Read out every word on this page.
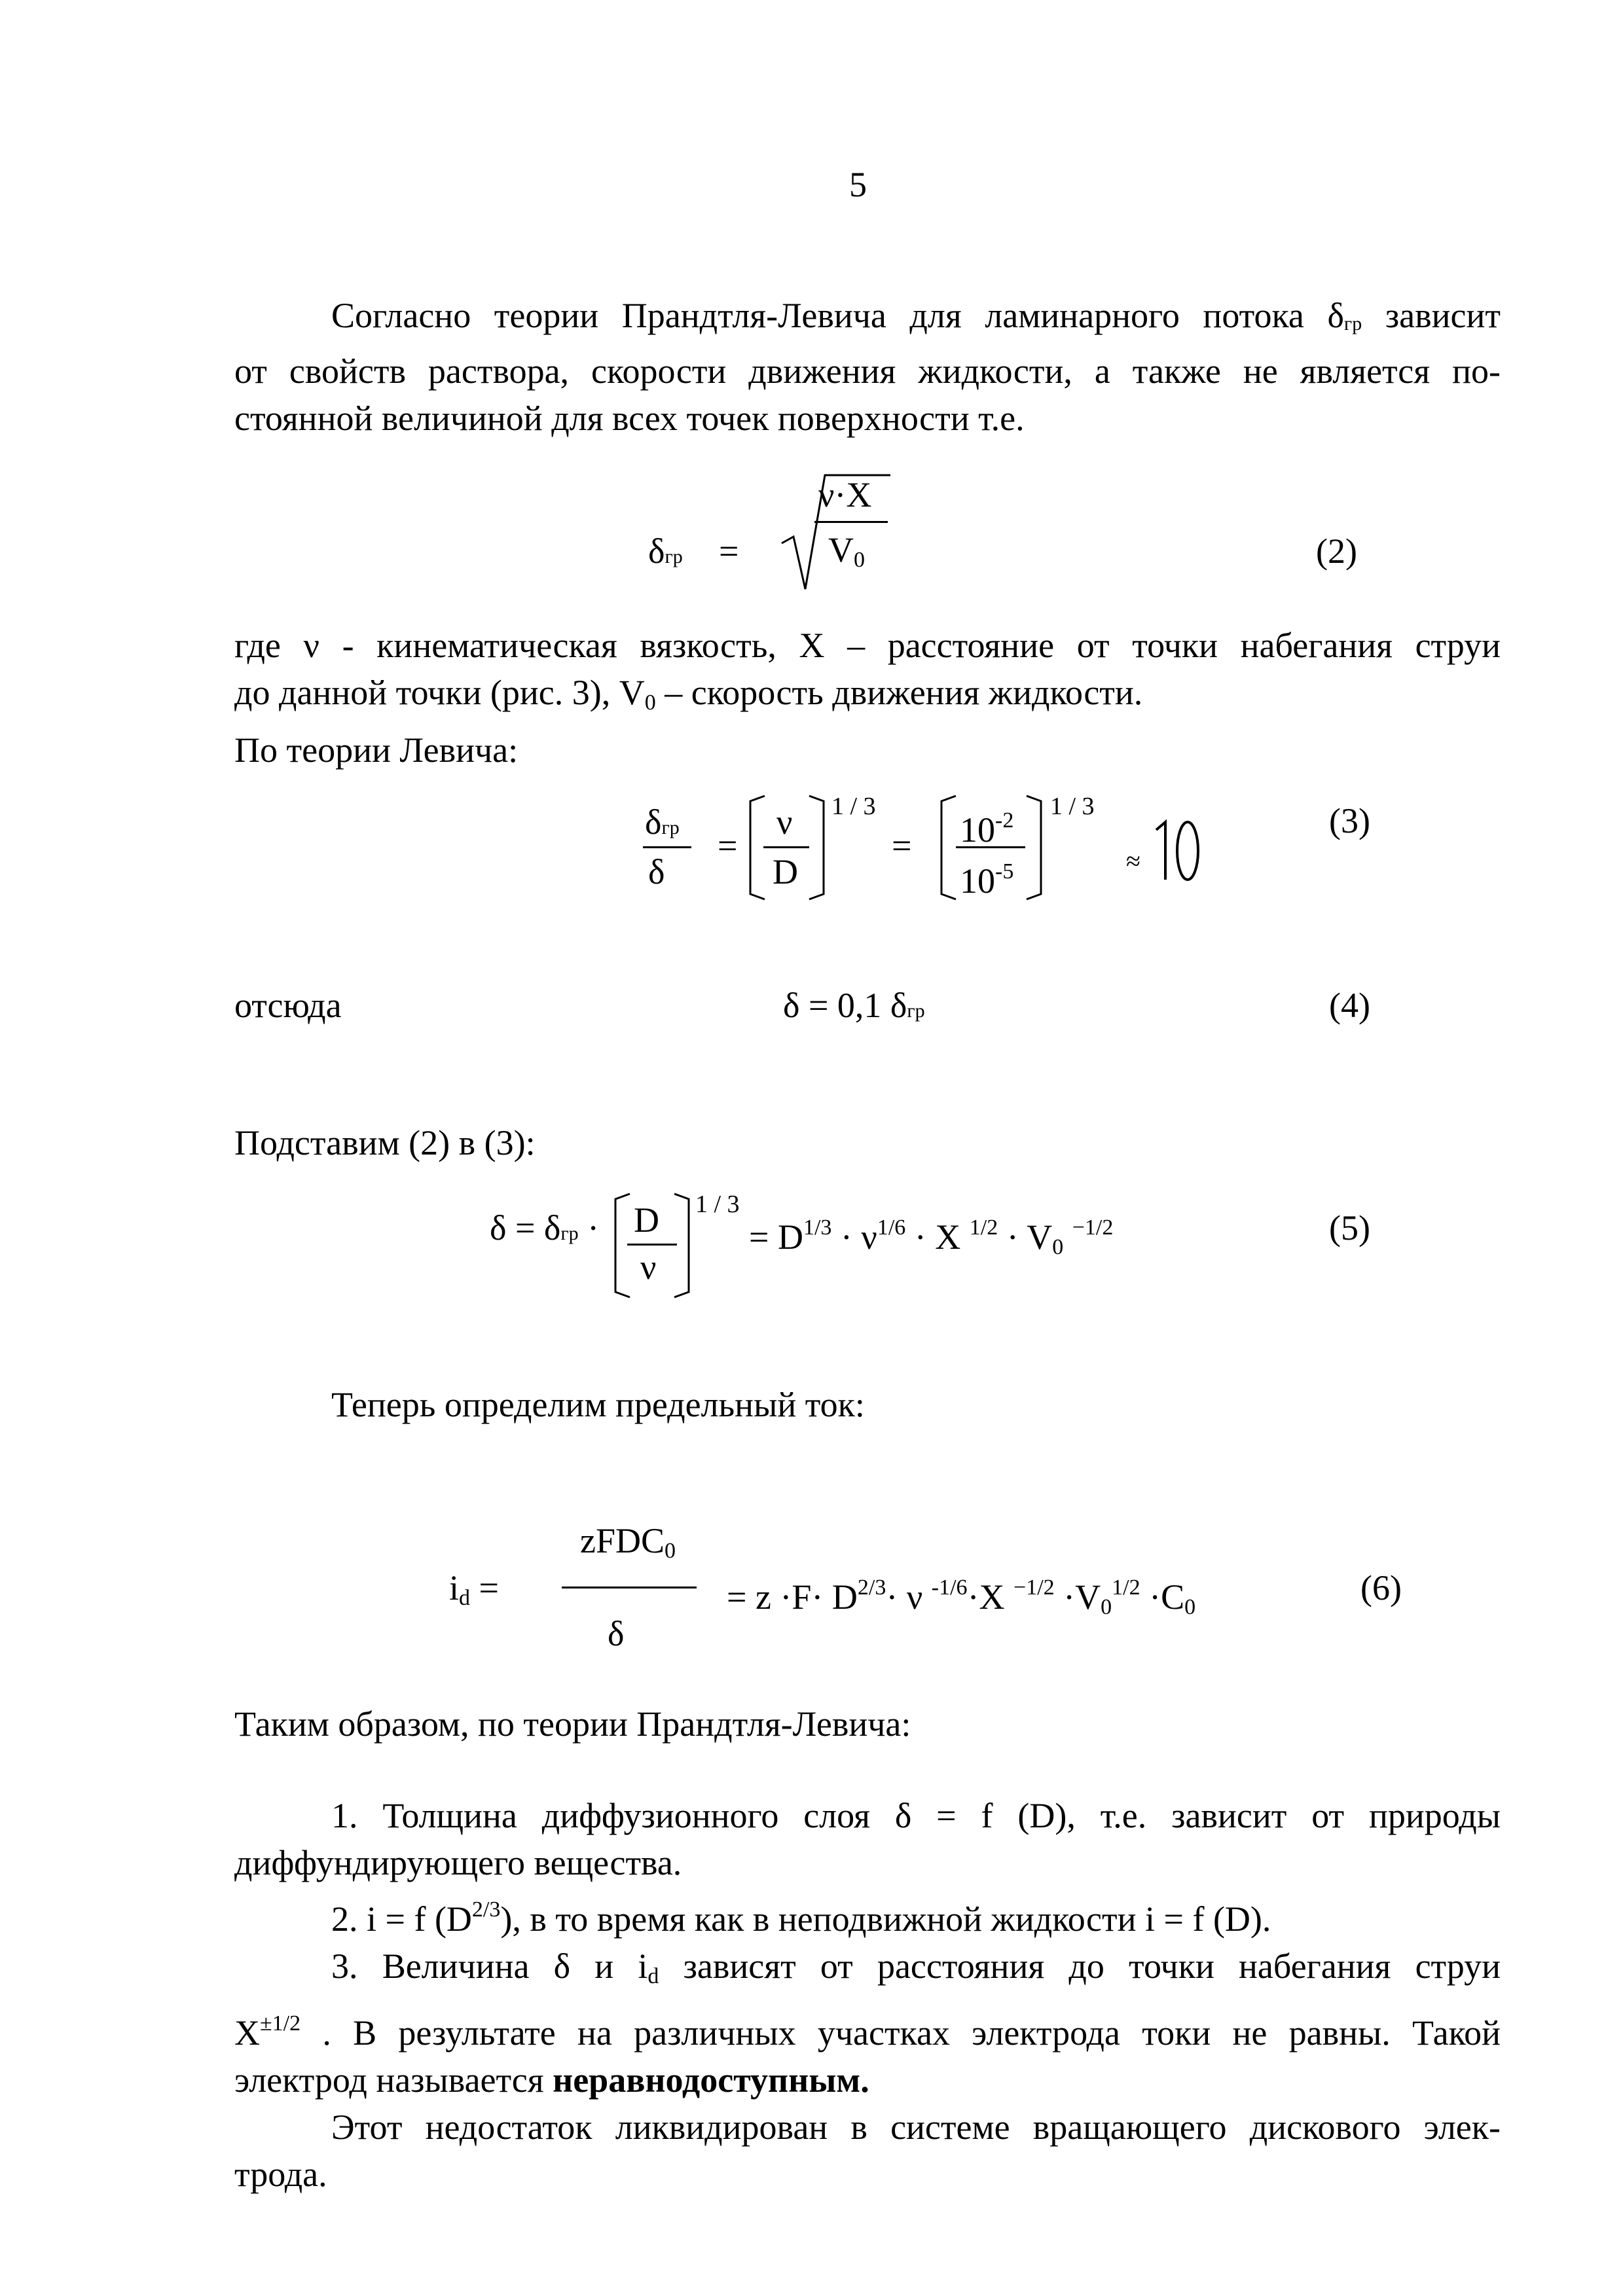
5
Согласно теории Прандтля-Левича для ламинарного потока δгр зависит
от свойств раствора, скорости движения жидкости, а также не является по-
стоянной величиной для всех точек поверхности т.е.
δгр =
ν·X
$V_0$	(2)
где ν - кинематическая вязкость, X – расстояние от точки набегания струи
до данной точки (рис. 3), $V_0$ – скорость движения жидкости.
По теории Левича:
δгр
δ
=
ν
D
1 / 3
= $10^{-2}$
$10^{-5}$
1 / 3
≈
(3)
отсюда	δ = 0,1 δгр	(4)
Подставим (2) в (3):
δ = δгр · D
ν
1 / 3
= $D^{1/3} \cdot \nu^{1/6} \cdot X$ $^{1/2} \cdot V_0$ $^{-1/2}$	(5)
Теперь определим предельный ток:
$i_d$ =
zFDC$_0$
δ
= $z \cdot F\cdot D^{2/3}\cdot \nu$ $^{-1/6}$·X $^{-1/2} \cdot V_0^{1/2} \cdot C_0$	(6)
Таким образом, по теории Прандтля-Левича:
1. Толщина диффузионного слоя δ = f (D), т.е. зависит от природы
диффундирующего вещества.
2. i = f $(D^{2/3})$, в то время как в неподвижной жидкости i = f (D).
3. Величина δ и $i_d$ зависят от расстояния до точки набегания струи
$X^{\pm 1/2}$ . В результате на различных участках электрода токи не равны. Такой
электрод называется неравнодоступным.
Этот недостаток ликвидирован в системе вращающего дискового элек-
трода.
